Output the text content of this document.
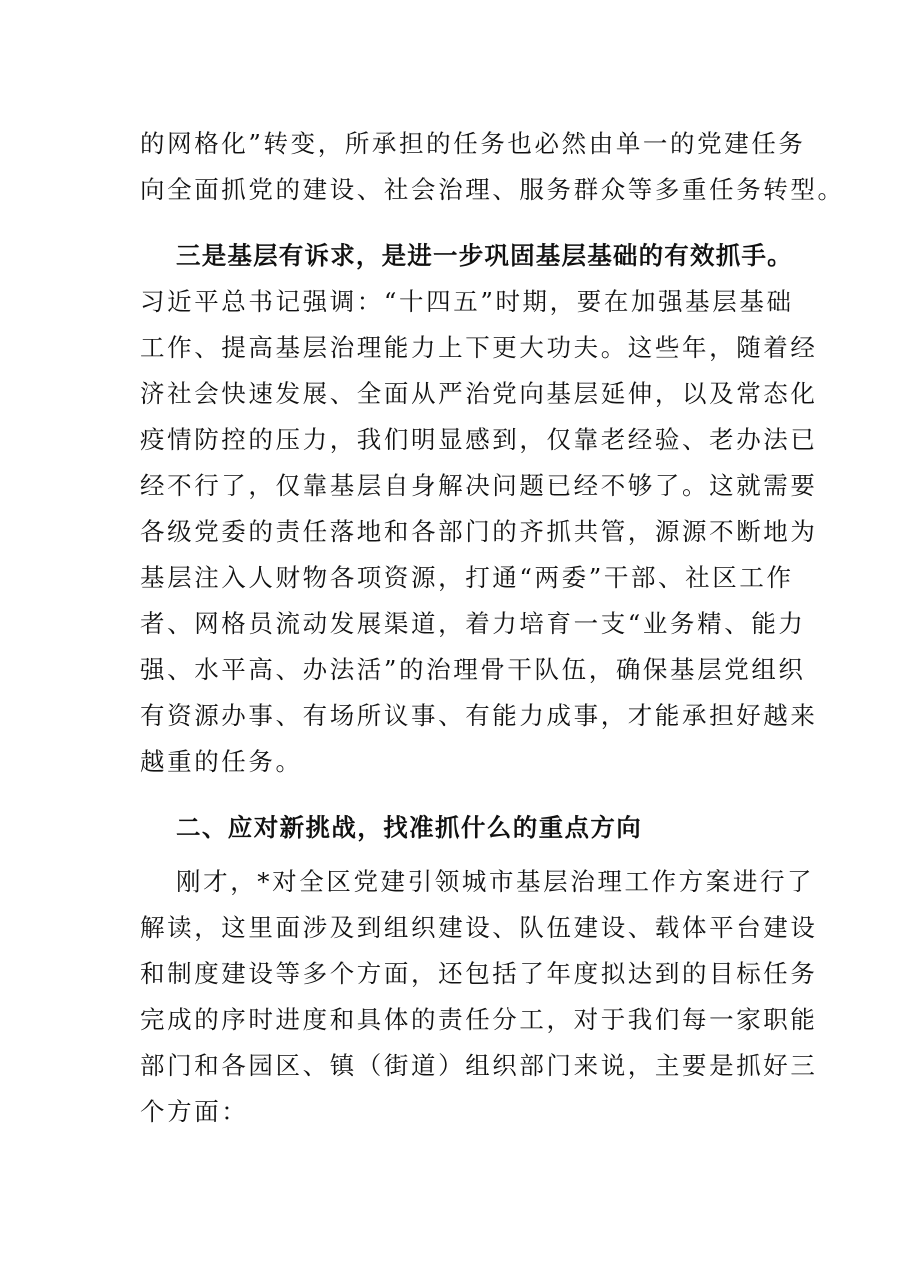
的网格化”转变，所承担的任务也必然由单一的党建任务
向全面抓党的建设、社会治理、服务群众等多重任务转型。
三是基层有诉求，是进一步巩固基层基础的有效抓手。
习近平总书记强调：“十四五”时期，要在加强基层基础
工作、提高基层治理能力上下更大功夫。这些年，随着经
济社会快速发展、全面从严治党向基层延伸，以及常态化
疫情防控的压力，我们明显感到，仅靠老经验、老办法已
经不行了，仅靠基层自身解决问题已经不够了。这就需要
各级党委的责任落地和各部门的齐抓共管，源源不断地为
基层注入人财物各项资源，打通“两委”干部、社区工作
者、网格员流动发展渠道，着力培育一支“业务精、能力
强、水平高、办法活”的治理骨干队伍，确保基层党组织
有资源办事、有场所议事、有能力成事，才能承担好越来
越重的任务。
二、应对新挑战，找准抓什么的重点方向
刚才，*对全区党建引领城市基层治理工作方案进行了
解读，这里面涉及到组织建设、队伍建设、载体平台建设
和制度建设等多个方面，还包括了年度拟达到的目标任务
完成的序时进度和具体的责任分工，对于我们每一家职能
部门和各园区、镇（街道）组织部门来说，主要是抓好三
个方面：
